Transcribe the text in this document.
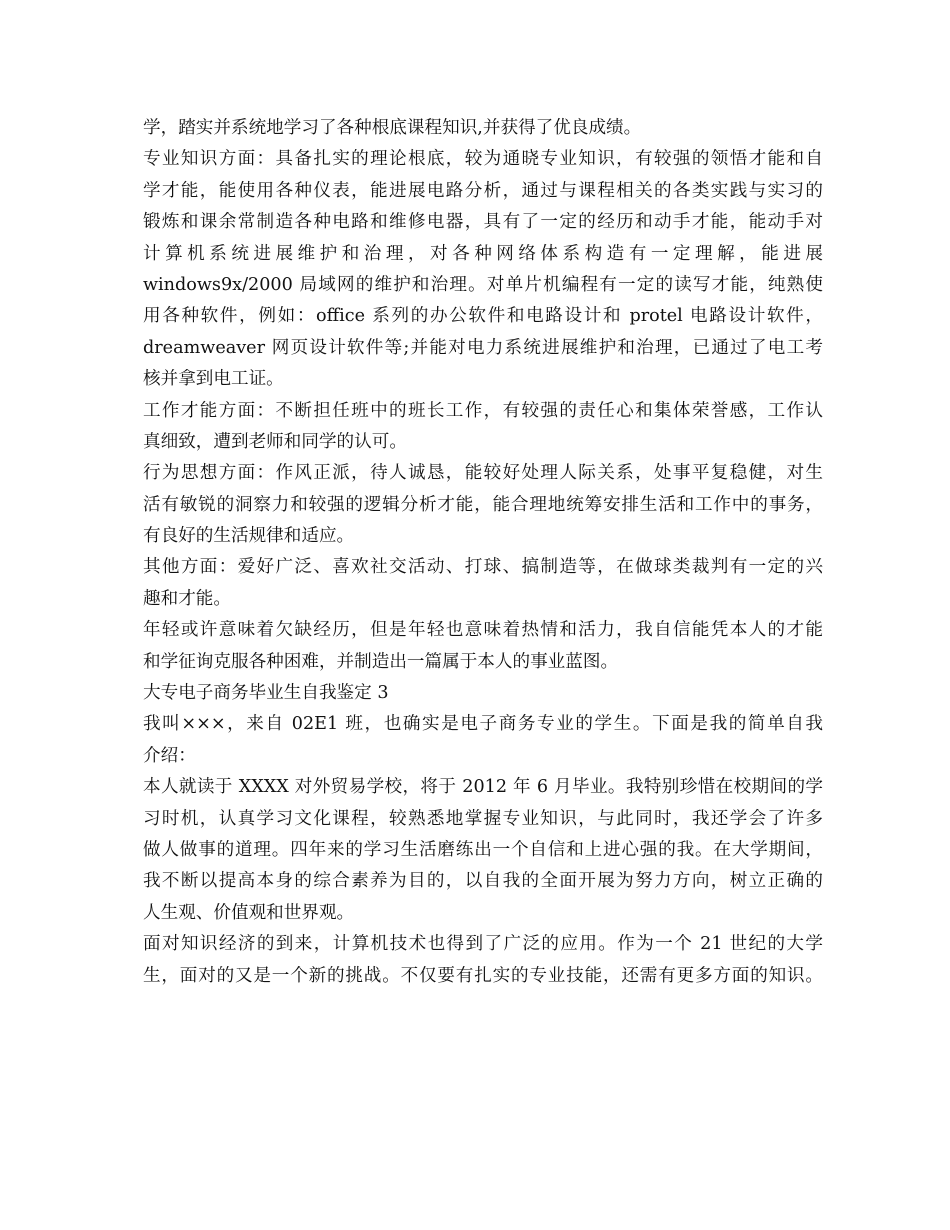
学，踏实并系统地学习了各种根底课程知识,并获得了优良成绩。
专业知识方面：具备扎实的理论根底，较为通晓专业知识，有较强的领悟才能和自
学才能，能使用各种仪表，能进展电路分析，通过与课程相关的各类实践与实习的
锻炼和课余常制造各种电路和维修电器，具有了一定的经历和动手才能，能动手对
计算机系统进展维护和治理，对各种网络体系构造有一定理解，能进展
windows9x/2000 局域网的维护和治理。对单片机编程有一定的读写才能，纯熟使
用各种软件，例如：office 系列的办公软件和电路设计和 protel 电路设计软件，
dreamweaver 网页设计软件等;并能对电力系统进展维护和治理，已通过了电工考
核并拿到电工证。
工作才能方面：不断担任班中的班长工作，有较强的责任心和集体荣誉感，工作认
真细致，遭到老师和同学的认可。
行为思想方面：作风正派，待人诚恳，能较好处理人际关系，处事平复稳健，对生
活有敏锐的洞察力和较强的逻辑分析才能，能合理地统筹安排生活和工作中的事务，
有良好的生活规律和适应。
其他方面：爱好广泛、喜欢社交活动、打球、搞制造等，在做球类裁判有一定的兴
趣和才能。
年轻或许意味着欠缺经历，但是年轻也意味着热情和活力，我自信能凭本人的才能
和学征询克服各种困难，并制造出一篇属于本人的事业蓝图。
大专电子商务毕业生自我鉴定 3
我叫×××，来自 02E1 班，也确实是电子商务专业的学生。下面是我的简单自我
介绍：
本人就读于 XXXX 对外贸易学校，将于 2012 年 6 月毕业。我特别珍惜在校期间的学
习时机，认真学习文化课程，较熟悉地掌握专业知识，与此同时，我还学会了许多
做人做事的道理。四年来的学习生活磨练出一个自信和上进心强的我。在大学期间，
我不断以提高本身的综合素养为目的，以自我的全面开展为努力方向，树立正确的
人生观、价值观和世界观。
面对知识经济的到来，计算机技术也得到了广泛的应用。作为一个 21 世纪的大学
生，面对的又是一个新的挑战。不仅要有扎实的专业技能，还需有更多方面的知识。
